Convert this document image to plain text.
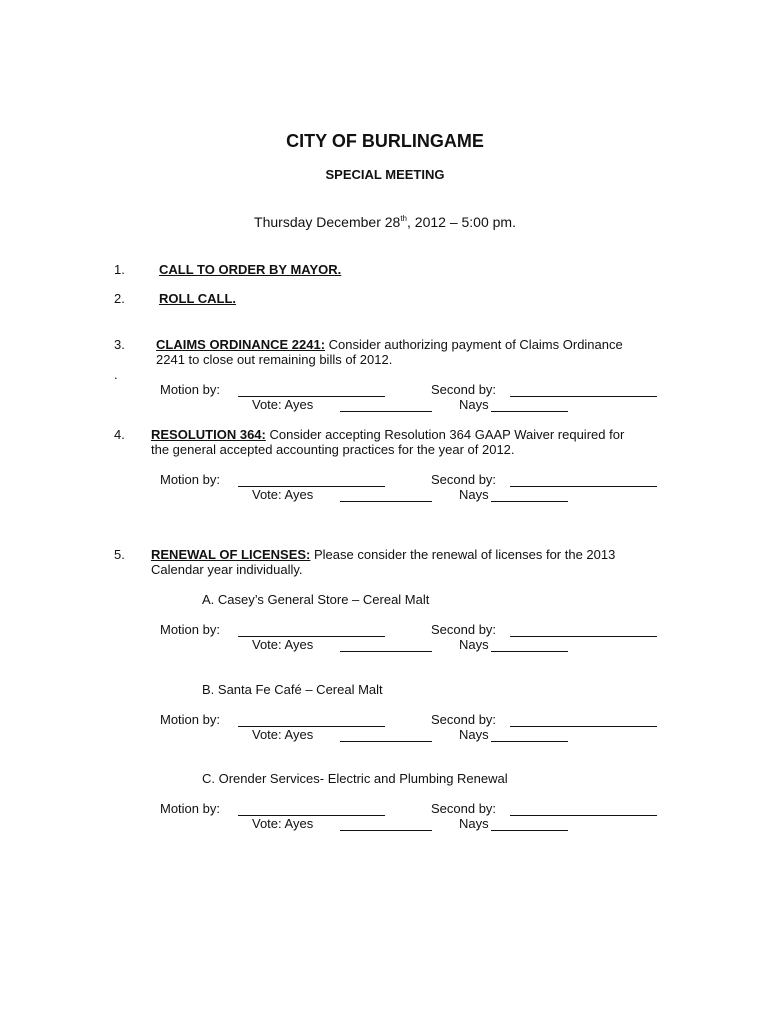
CITY OF BURLINGAME
SPECIAL MEETING
Thursday December 28th, 2012 – 5:00 pm.
1.	CALL TO ORDER BY MAYOR.
2.	ROLL CALL.
3. CLAIMS ORDINANCE 2241: Consider authorizing payment of Claims Ordinance
2241 to close out remaining bills of 2012.
.
Motion by:	Second by:
Vote: Ayes	Nays
4. RESOLUTION 364: Consider accepting Resolution 364 GAAP Waiver required for
the general accepted accounting practices for the year of 2012.
Motion by:	Second by:
Vote: Ayes	Nays
5. RENEWAL OF LICENSES: Please consider the renewal of licenses for the 2013
Calendar year individually.
A. Casey’s General Store – Cereal Malt
Motion by:	Second by:
Vote: Ayes	Nays
B. Santa Fe Café – Cereal Malt
Motion by:	Second by:
Vote: Ayes	Nays
C. Orender Services- Electric and Plumbing Renewal
Motion by:	Second by:
Vote: Ayes	Nays
